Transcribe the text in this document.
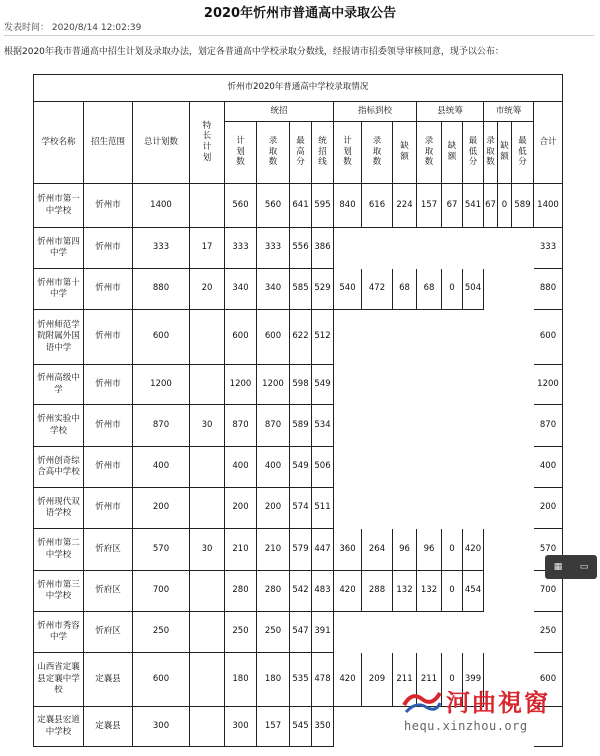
2020年忻州市普通高中录取公告
发表时间： 2020/8/14 12:02:39
根据2020年我市普通高中招生计划及录取办法，划定各普通高中学校录取分数线，经报请市招委领导审核同意，现予以公布：
忻州市2020年普通高中学校录取情况																	
学校名称	招生范围	总计划数	特长计划	统招				指标到校			县统筹			市统筹			合计
				计划数	录取数	最高分	统招线	计划数	录取数	缺额	录取数	缺额	最低分	录取数	缺额	最低分	
忻州市第一中学校	忻州市	1400		560	560	641	595	840	616	224	157	67	541	67	0	589	1400
忻州市第四中学	忻州市	333	17	333	333	556	386										333
忻州市第十中学	忻州市	880	20	340	340	585	529	540	472	68	68	0	504				880
忻州师范学院附属外国语中学	忻州市	600		600	600	622	512										600
忻州高级中学	忻州市	1200		1200	1200	598	549										1200
忻州实验中学校	忻州市	870	30	870	870	589	534										870
忻州创奇综合高中学校	忻州市	400		400	400	549	506										400
忻州现代双语学校	忻州市	200		200	200	574	511										200
忻州市第二中学校	忻府区	570	30	210	210	579	447	360	264	96	96	0	420				570
忻州市第三中学校	忻府区	700		280	280	542	483	420	288	132	132	0	454				700
忻州市秀容中学	忻府区	250		250	250	547	391										250
山西省定襄县定襄中学校	定襄县	600		180	180	535	478	420	209	211	211	0	399				600
定襄县宏道中学校	定襄县	300		300	157	545	350										
▦ ▭
河曲視窗
hequ.xinzhou.org
